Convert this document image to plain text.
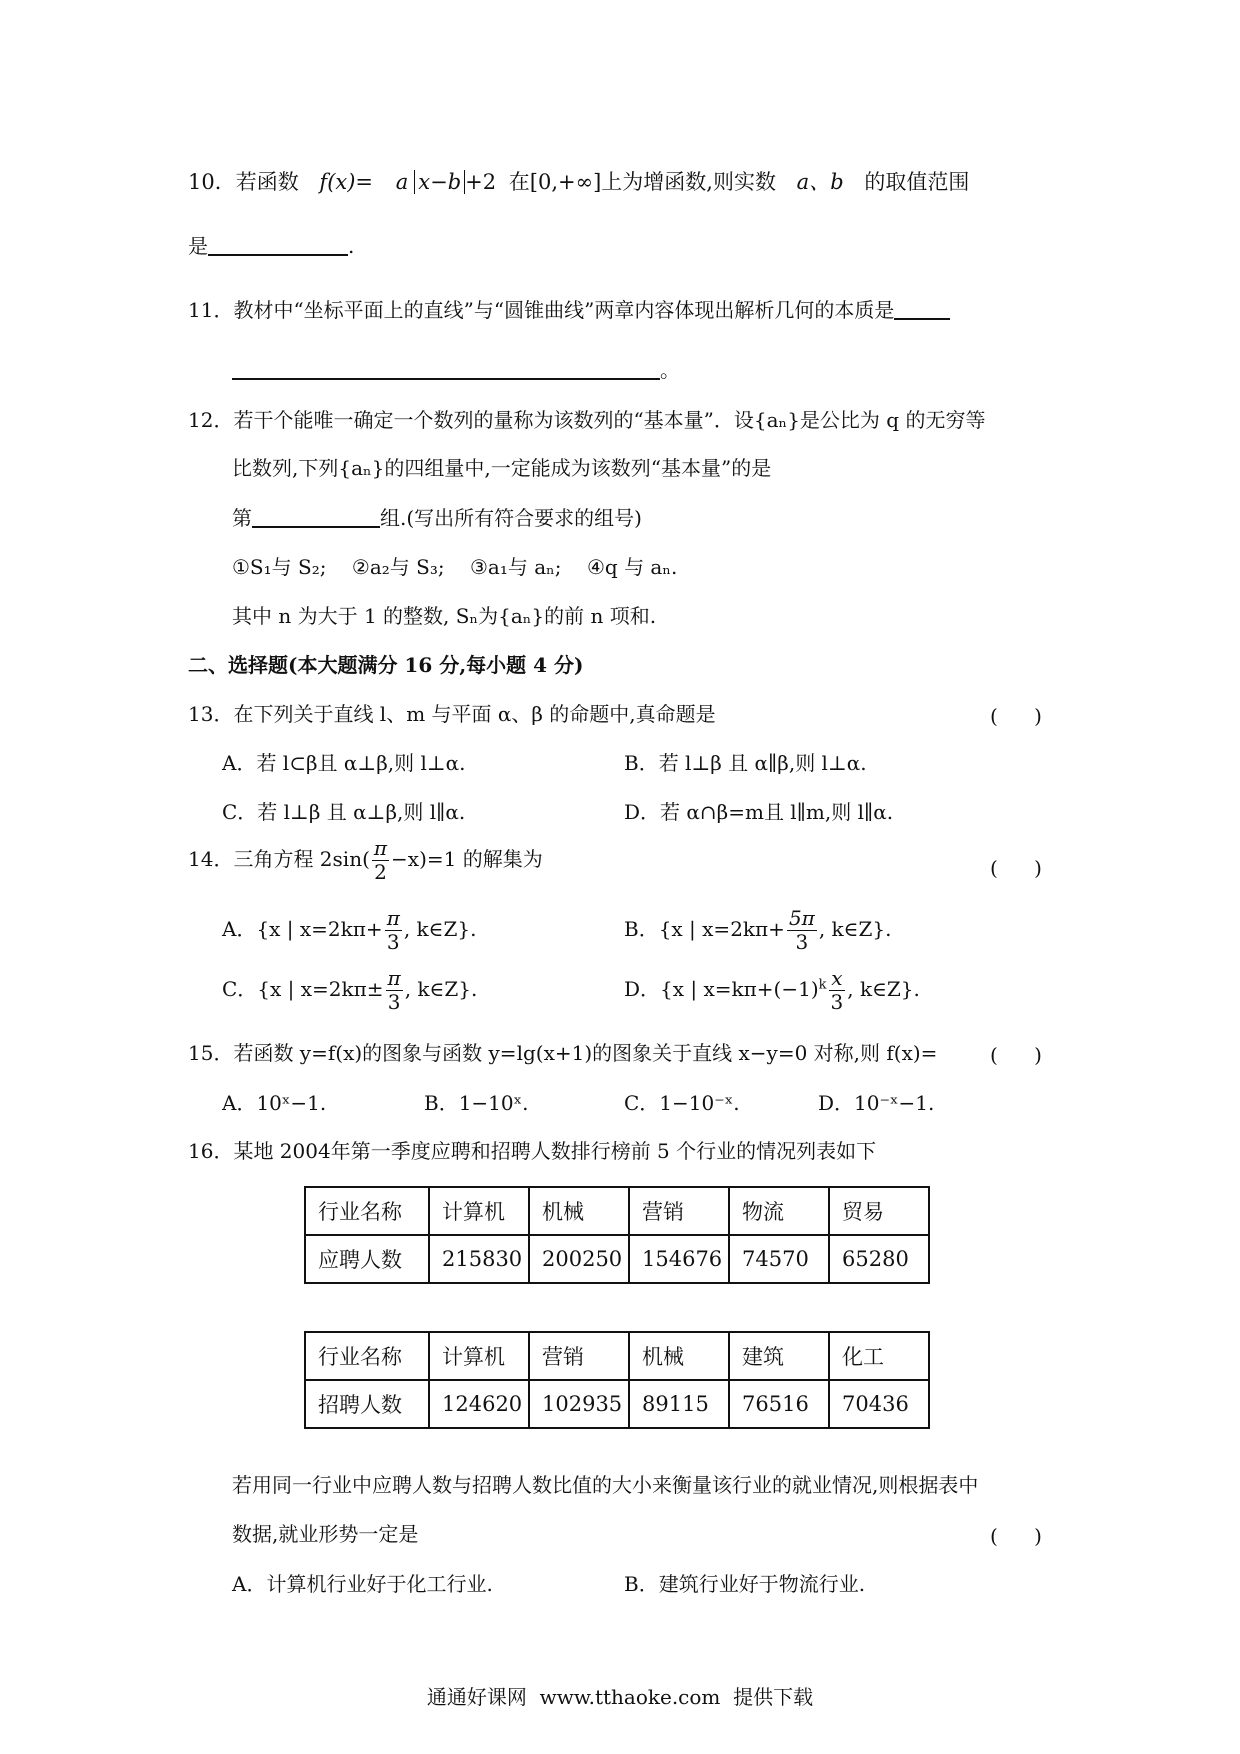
10．若函数 f(x)= a x−b +2 在[0,+∞]上为增函数,则实数 a、b 的取值范围
是	.
11．教材中“坐标平面上的直线”与“圆锥曲线”两章内容体现出解析几何的本质是
。
12．若干个能唯一确定一个数列的量称为该数列的“基本量”．设{aₙ}是公比为 q 的无穷等
比数列,下列{aₙ}的四组量中,一定能成为该数列“基本量”的是
第	组.(写出所有符合要求的组号)
①S₁与 S₂;    ②a₂与 S₃;    ③a₁与 aₙ;    ④q 与 aₙ.
其中 n 为大于 1 的整数, Sₙ为{aₙ}的前 n 项和.
二、选择题(本大题满分 16 分,每小题 4 分)
13．在下列关于直线 l、m 与平面 α、β 的命题中,真命题是	( )
A．若 l⊂β且 α⊥β,则 l⊥α.	B．若 l⊥β 且 α∥β,则 l⊥α.
C．若 l⊥β 且 α⊥β,则 l∥α.	D．若 α∩β=m且 l∥m,则 l∥α.
14．三角方程 $2\sin( \frac{\pi}{2} -x)=1$ 的解集为	( )
A．{x | $x=2k\pi+ \frac{\pi}{3}$ , k∈Z}.	B．{x | $x=2k\pi+ \frac{5\pi}{3}$ , k∈Z}.
C．{x | $x=2k\pi\pm \frac{\pi}{3}$ , k∈Z}.	D．{x | $x=k\pi+(-1)^k \frac{x}{3}$ , k∈Z}.
15．若函数 y=f(x)的图象与函数 y=lg(x+1)的图象关于直线 x−y=0 对称,则 f(x)=	( )
A．10ˣ−1.	B．1−10ˣ.	C．1−10⁻ˣ.	D．10⁻ˣ−1.
16．某地 2004年第一季度应聘和招聘人数排行榜前 5 个行业的情况列表如下
行业名称	计算机	机械	营销	物流	贸易
应聘人数	215830	200250	154676	74570	65280
行业名称	计算机	营销	机械	建筑	化工
招聘人数	124620	102935	89115	76516	70436
若用同一行业中应聘人数与招聘人数比值的大小来衡量该行业的就业情况,则根据表中
数据,就业形势一定是	( )
A．计算机行业好于化工行业.	B．建筑行业好于物流行业.
通通好课网  www.tthaoke.com  提供下载
